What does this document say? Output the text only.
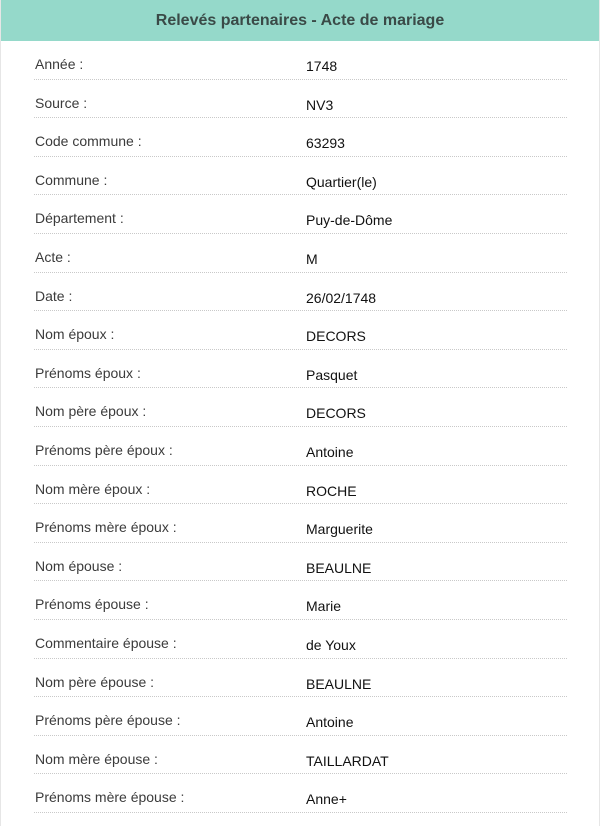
Relevés partenaires - Acte de mariage
Année :	1748
Source :	NV3
Code commune :	63293
Commune :	Quartier(le)
Département :	Puy-de-Dôme
Acte :	M
Date :	26/02/1748
Nom époux :	DECORS
Prénoms époux :	Pasquet
Nom père époux :	DECORS
Prénoms père époux :	Antoine
Nom mère époux :	ROCHE
Prénoms mère époux :	Marguerite
Nom épouse :	BEAULNE
Prénoms épouse :	Marie
Commentaire épouse :	de Youx
Nom père épouse :	BEAULNE
Prénoms père épouse :	Antoine
Nom mère épouse :	TAILLARDAT
Prénoms mère épouse :	Anne+
